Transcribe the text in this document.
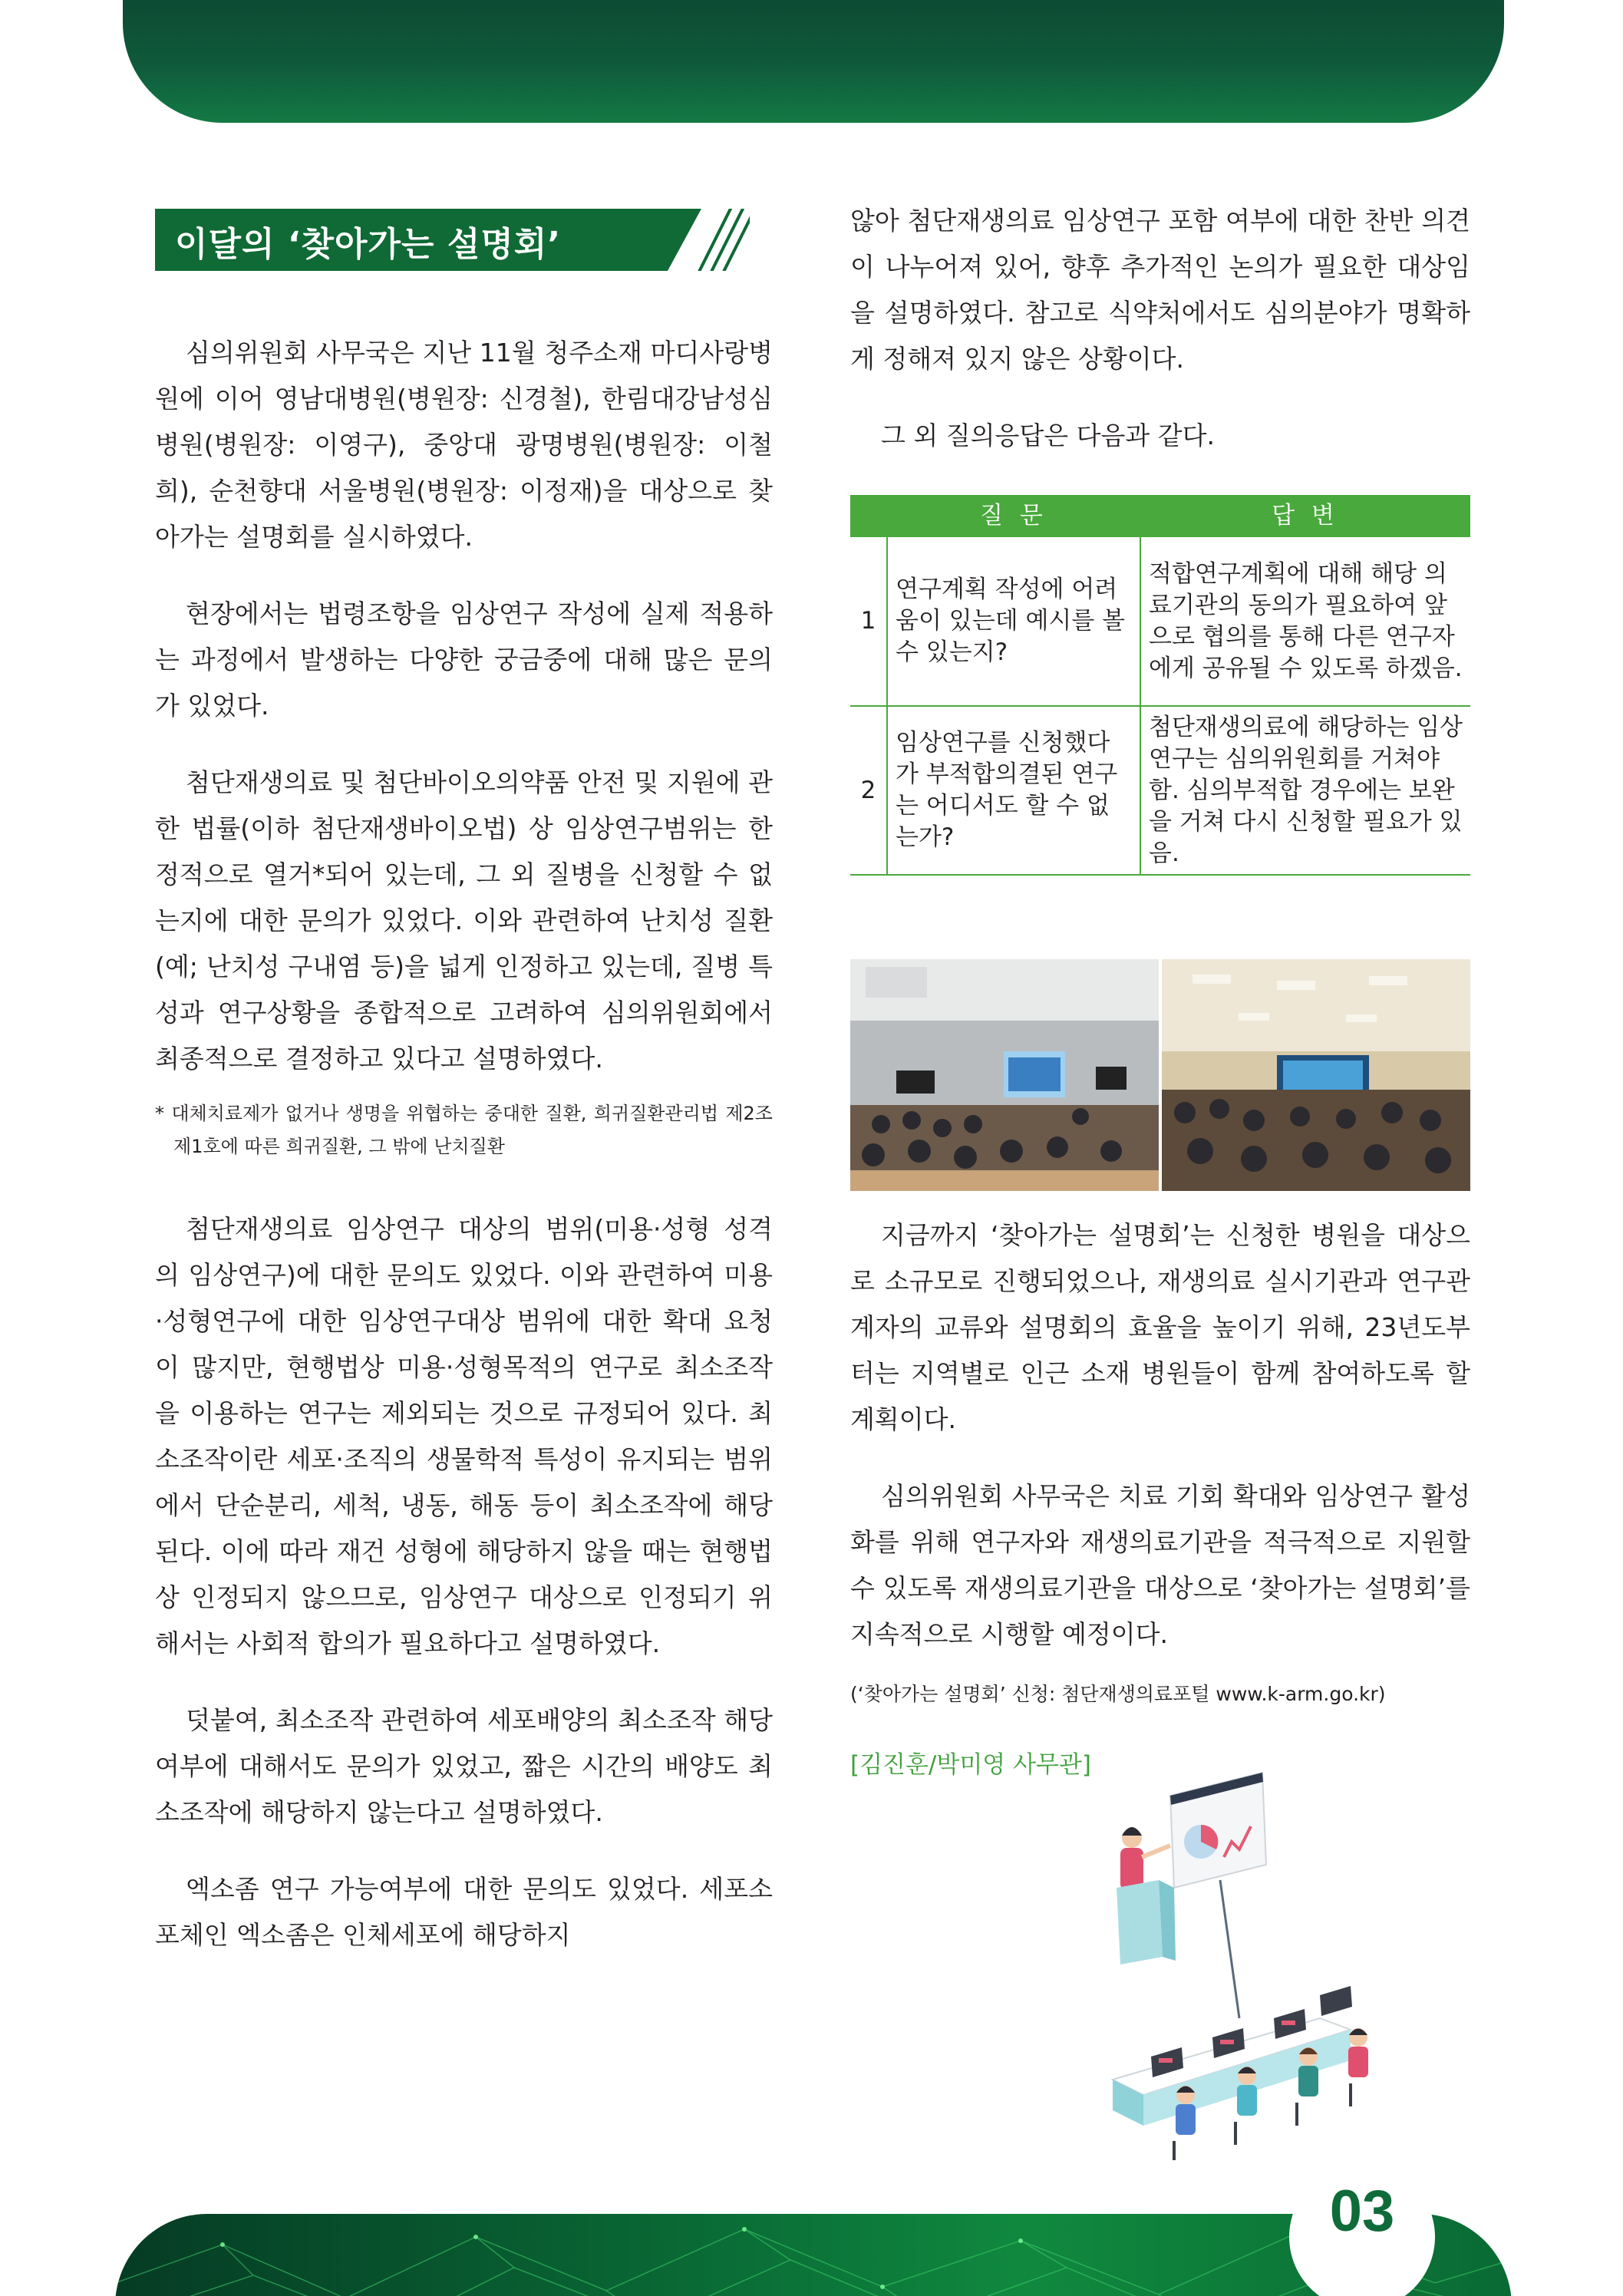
이달의 ‘찾아가는 설명회’

심의위원회 사무국은 지난 11월 청주소재 마디사랑병원에 이어 영남대병원(병원장: 신경철), 한림대강남성심병원(병원장: 이영구), 중앙대 광명병원(병원장: 이철희), 순천향대 서울병원(병원장: 이정재)을 대상으로 찾아가는 설명회를 실시하였다.

현장에서는 법령조항을 임상연구 작성에 실제 적용하는 과정에서 발생하는 다양한 궁금중에 대해 많은 문의가 있었다.

첨단재생의료 및 첨단바이오의약품 안전 및 지원에 관한 법률(이하 첨단재생바이오법) 상 임상연구범위는 한정적으로 열거*되어 있는데, 그 외 질병을 신청할 수 없는지에 대한 문의가 있었다. 이와 관련하여 난치성 질환(예; 난치성 구내염 등)을 넓게 인정하고 있는데, 질병 특성과 연구상황을 종합적으로 고려하여 심의위원회에서 최종적으로 결정하고 있다고 설명하였다.

* 대체치료제가 없거나 생명을 위협하는 중대한 질환, 희귀질환관리법 제2조 제1호에 따른 희귀질환, 그 밖에 난치질환

첨단재생의료 임상연구 대상의 범위(미용·성형 성격의 임상연구)에 대한 문의도 있었다. 이와 관련하여 미용·성형연구에 대한 임상연구대상 범위에 대한 확대 요청이 많지만, 현행법상 미용·성형목적의 연구로 최소조작을 이용하는 연구는 제외되는 것으로 규정되어 있다. 최소조작이란 세포·조직의 생물학적 특성이 유지되는 범위에서 단순분리, 세척, 냉동, 해동 등이 최소조작에 해당된다. 이에 따라 재건 성형에 해당하지 않을 때는 현행법상 인정되지 않으므로, 임상연구 대상으로 인정되기 위해서는 사회적 합의가 필요하다고 설명하였다.

덧붙여, 최소조작 관련하여 세포배양의 최소조작 해당 여부에 대해서도 문의가 있었고, 짧은 시간의 배양도 최소조작에 해당하지 않는다고 설명하였다.

엑소좀 연구 가능여부에 대한 문의도 있었다. 세포소포체인 엑소좀은 인체세포에 해당하지

않아 첨단재생의료 임상연구 포함 여부에 대한 찬반 의견이 나누어져 있어, 향후 추가적인 논의가 필요한 대상임을 설명하였다. 참고로 식약처에서도 심의분야가 명확하게 정해져 있지 않은 상황이다.

그 외 질의응답은 다음과 같다.

	질 문	답 변
1	연구계획 작성에 어려움이 있는데 예시를 볼 수 있는지?	적합연구계획에 대해 해당 의료기관의 동의가 필요하여 앞으로 협의를 통해 다른 연구자에게 공유될 수 있도록 하겠음.
2	임상연구를 신청했다가 부적합의결된 연구는 어디서도 할 수 없는가?	첨단재생의료에 해당하는 임상연구는 심의위원회를 거쳐야 함. 심의부적합 경우에는 보완을 거쳐 다시 신청할 필요가 있음.

지금까지 ‘찾아가는 설명회’는 신청한 병원을 대상으로 소규모로 진행되었으나, 재생의료 실시기관과 연구관계자의 교류와 설명회의 효율을 높이기 위해, 23년도부터는 지역별로 인근 소재 병원들이 함께 참여하도록 할 계획이다.

심의위원회 사무국은 치료 기회 확대와 임상연구 활성화를 위해 연구자와 재생의료기관을 적극적으로 지원할 수 있도록 재생의료기관을 대상으로 ‘찾아가는 설명회’를 지속적으로 시행할 예정이다.

(‘찾아가는 설명회’ 신청: 첨단재생의료포털 www.k-arm.go.kr)

[김진훈/박미영 사무관]

03
